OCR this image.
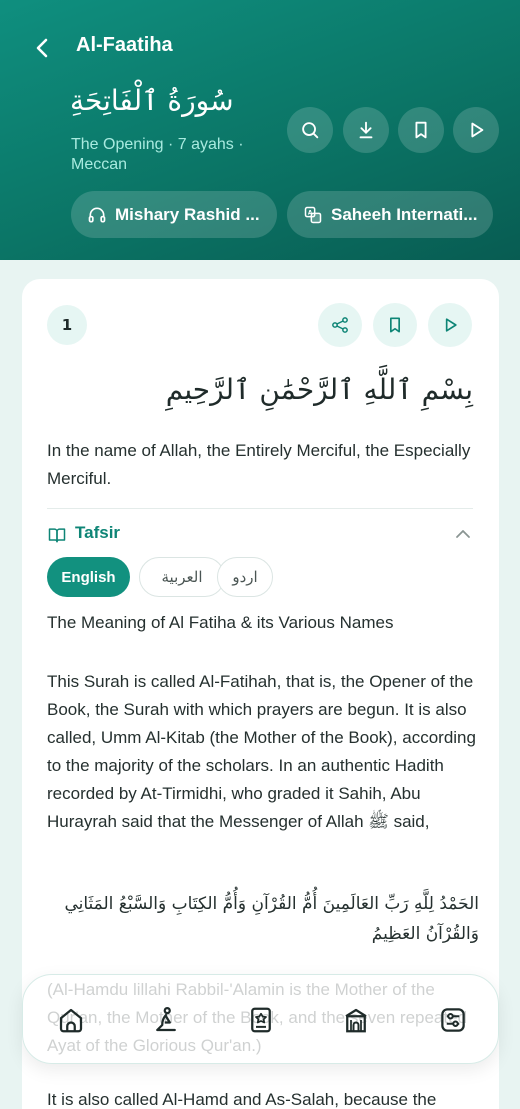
Al-Faatiha
سُورَةُ ٱلْفَاتِحَةِ
The Opening · 7 ayahs · Meccan
Mishary Rashid ...	A Saheeh Internati...
1
بِسْمِ ٱللَّهِ ٱلرَّحْمَٰنِ ٱلرَّحِيمِ
In the name of Allah, the Entirely Merciful, the Especially Merciful.
Tafsir
English	العربية	اردو
The Meaning of Al Fatiha & its Various Names
This Surah is called Al-Fatihah, that is, the Opener of the Book, the Surah with which prayers are begun. It is also called, Umm Al-Kitab (the Mother of the Book), according to the majority of the scholars. In an authentic Hadith recorded by At-Tirmidhi, who graded it Sahih, Abu Hurayrah said that the Messenger of Allah ﷺ said,
الحَمْدُ لِلَّهِ رَبِّ العَالَمِينَ أُمُّ القُرْآنِ وَأُمُّ الكِتَابِ وَالسَّبْعُ المَثَانِي وَالقُرْآنُ العَظِيمُ
It is also called Al-Hamd and As-Salah, because the
